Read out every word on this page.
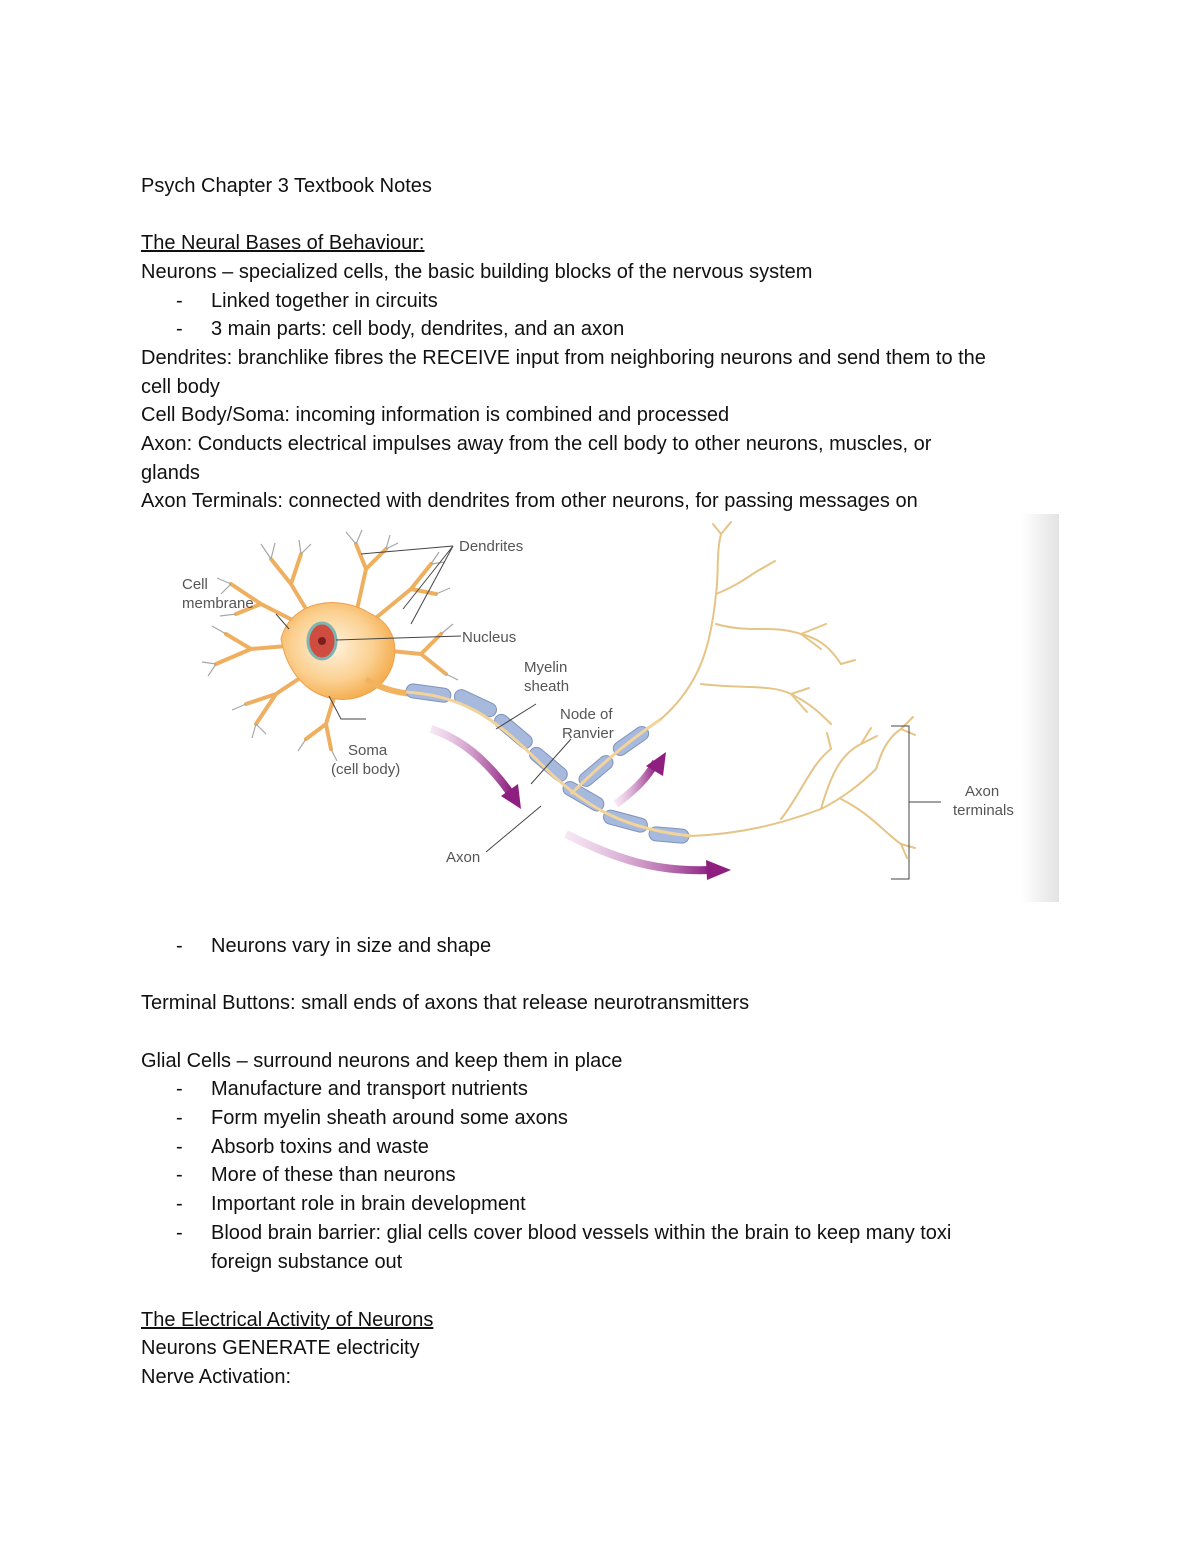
Psych Chapter 3 Textbook Notes
The Neural Bases of Behaviour:
Neurons – specialized cells, the basic building blocks of the nervous system
- Linked together in circuits
- 3 main parts: cell body, dendrites, and an axon
Dendrites: branchlike fibres the RECEIVE input from neighboring neurons and send them to the
cell body
Cell Body/Soma: incoming information is combined and processed
Axon: Conducts electrical impulses away from the cell body to other neurons, muscles, or
glands
Axon Terminals: connected with dendrites from other neurons, for passing messages on
Dendrites
Cell
membrane
Nucleus
Myelin
sheath
Node of
Ranvier
Soma
(cell body)
Axon
Axon
terminals
- Neurons vary in size and shape
Terminal Buttons: small ends of axons that release neurotransmitters
Glial Cells – surround neurons and keep them in place
- Manufacture and transport nutrients
- Form myelin sheath around some axons
- Absorb toxins and waste
- More of these than neurons
- Important role in brain development
- Blood brain barrier: glial cells cover blood vessels within the brain to keep many toxi
foreign substance out
The Electrical Activity of Neurons
Neurons GENERATE electricity
Nerve Activation:
